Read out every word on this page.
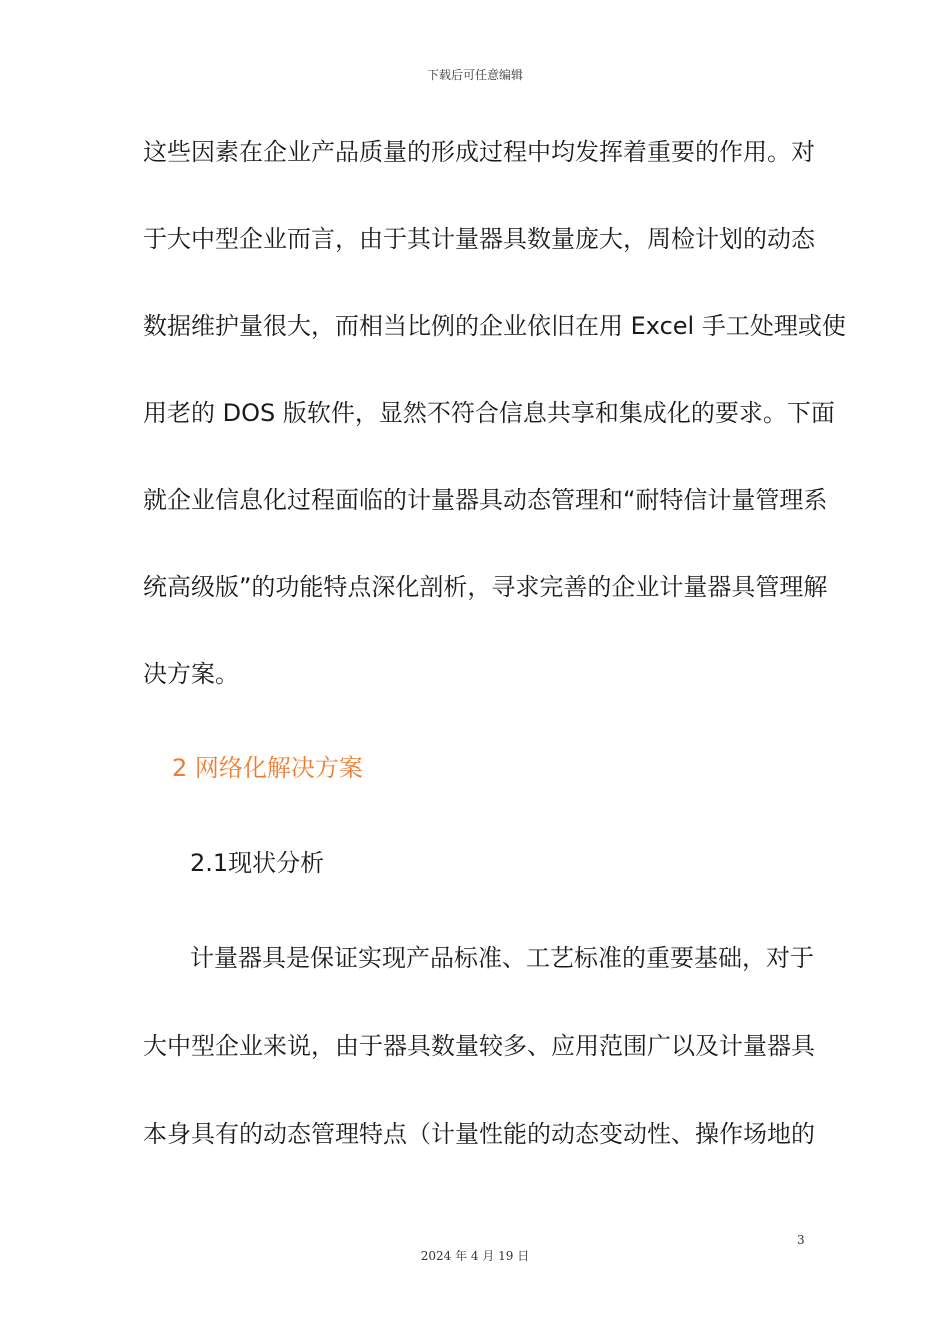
下载后可任意编辑
这些因素在企业产品质量的形成过程中均发挥着重要的作用。对
于大中型企业而言，由于其计量器具数量庞大，周检计划的动态
数据维护量很大，而相当比例的企业依旧在用 Excel 手工处理或使
用老的 DOS 版软件，显然不符合信息共享和集成化的要求。下面
就企业信息化过程面临的计量器具动态管理和“耐特信计量管理系
统高级版”的功能特点深化剖析，寻求完善的企业计量器具管理解
决方案。
2 网络化解决方案
2.1现状分析
计量器具是保证实现产品标准、工艺标准的重要基础，对于
大中型企业来说，由于器具数量较多、应用范围广以及计量器具
本身具有的动态管理特点（计量性能的动态变动性、操作场地的
3
2024 年 4 月 19 日
